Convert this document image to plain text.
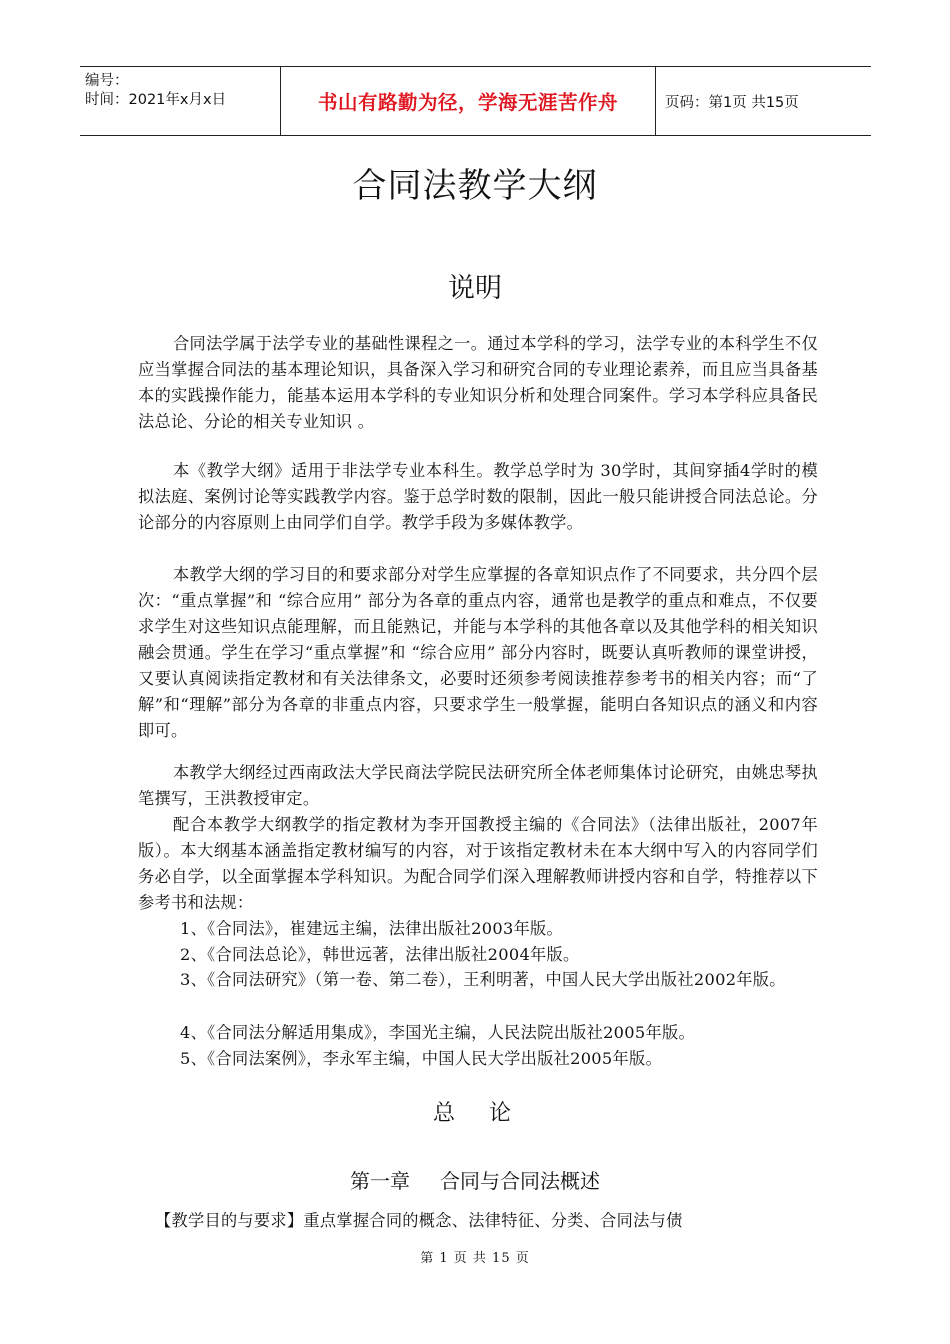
编号：
时间：2021年x月x日	书山有路勤为径，学海无涯苦作舟	页码：第1页 共15页
合同法教学大纲
说明

合同法学属于法学专业的基础性课程之一。通过本学科的学习，法学专业的本科学生不仅应当掌握合同法的基本理论知识，具备深入学习和研究合同的专业理论素养，而且应当具备基本的实践操作能力，能基本运用本学科的专业知识分析和处理合同案件。学习本学科应具备民法总论、分论的相关专业知识 。

本《教学大纲》适用于非法学专业本科生。教学总学时为 30学时，其间穿插4学时的模拟法庭、案例讨论等实践教学内容。鉴于总学时数的限制，因此一般只能讲授合同法总论。分论部分的内容原则上由同学们自学。教学手段为多媒体教学。

本教学大纲的学习目的和要求部分对学生应掌握的各章知识点作了不同要求，共分四个层次：“重点掌握”和 “综合应用” 部分为各章的重点内容，通常也是教学的重点和难点，不仅要求学生对这些知识点能理解，而且能熟记，并能与本学科的其他各章以及其他学科的相关知识融会贯通。学生在学习“重点掌握”和 “综合应用” 部分内容时，既要认真听教师的课堂讲授，又要认真阅读指定教材和有关法律条文，必要时还须参考阅读推荐参考书的相关内容；而“了解”和“理解”部分为各章的非重点内容，只要求学生一般掌握，能明白各知识点的涵义和内容即可。

本教学大纲经过西南政法大学民商法学院民法研究所全体老师集体讨论研究，由姚忠琴执笔撰写，王洪教授审定。

配合本教学大纲教学的指定教材为李开国教授主编的《合同法》（法律出版社，2007年版）。本大纲基本涵盖指定教材编写的内容，对于该指定教材未在本大纲中写入的内容同学们务必自学，以全面掌握本学科知识。为配合同学们深入理解教师讲授内容和自学，特推荐以下参考书和法规：

1、《合同法》，崔建远主编，法律出版社2003年版。
2、《合同法总论》，韩世远著，法律出版社2004年版。

3、《合同法研究》（第一卷、第二卷），王利明著，中国人民大学出版社2002年版。

4、《合同法分解适用集成》，李国光主编，人民法院出版社2005年版。
5、《合同法案例》，李永军主编，中国人民大学出版社2005年版。
总　论
第一章 合同与合同法概述
【教学目的与要求】重点掌握合同的概念、法律特征、分类、合同法与债
第 1 页 共 15 页
